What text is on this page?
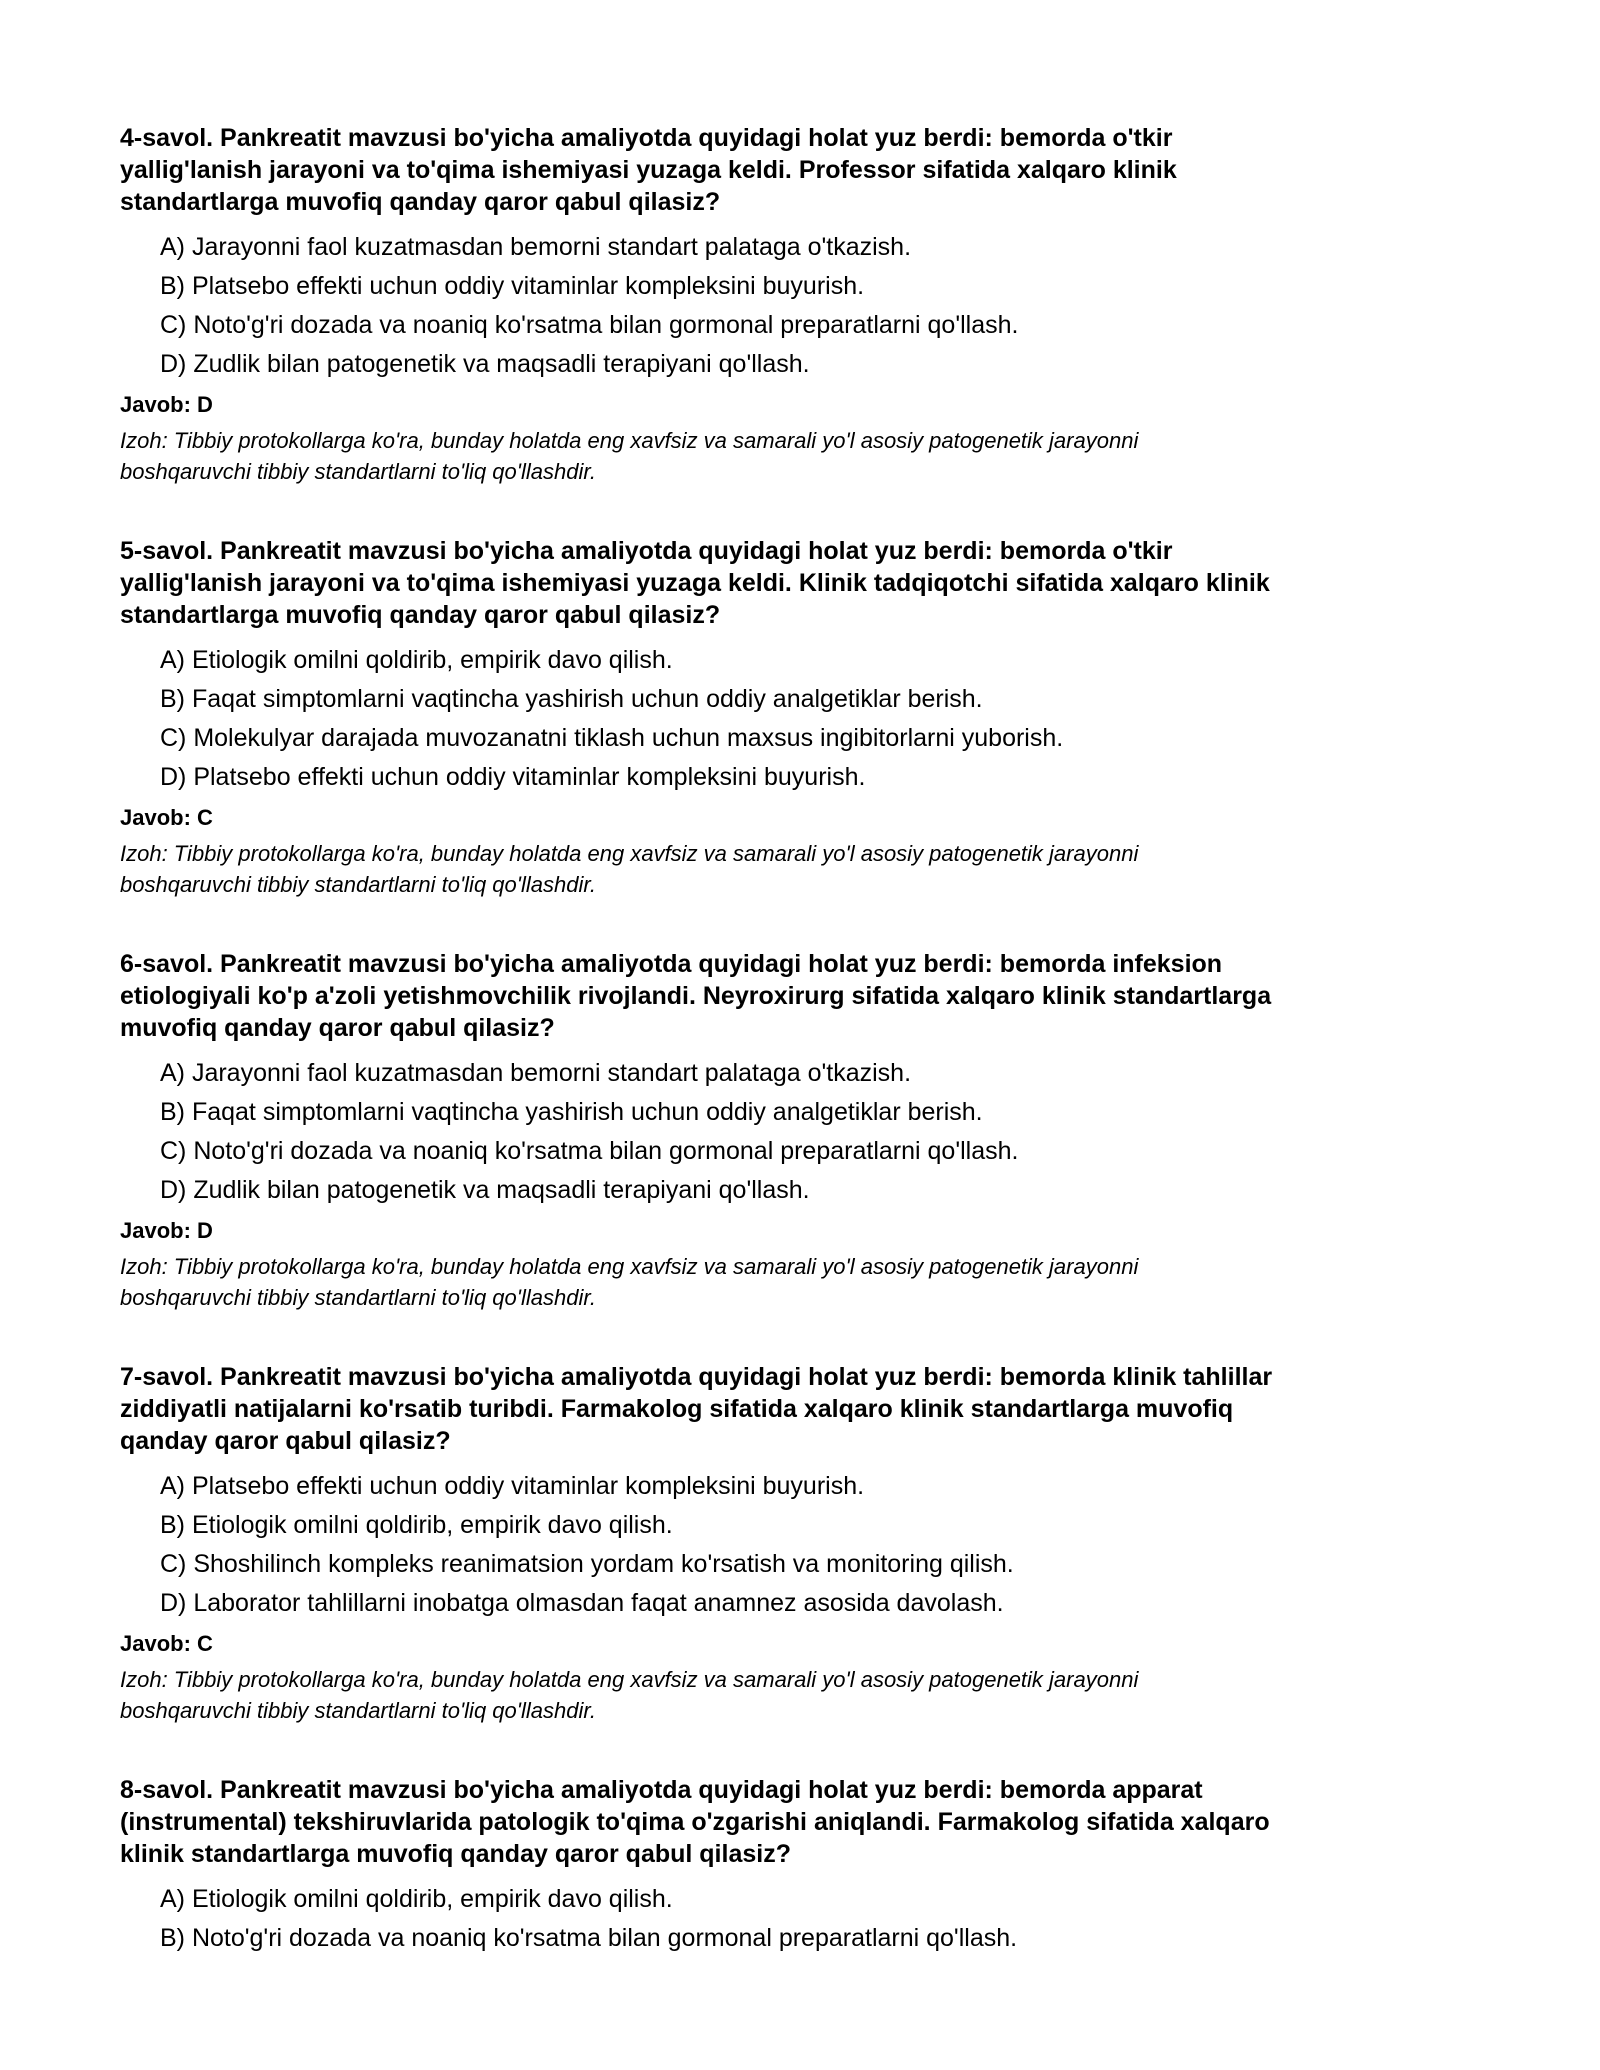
4-savol. Pankreatit mavzusi bo'yicha amaliyotda quyidagi holat yuz berdi: bemorda o'tkir
yallig'lanish jarayoni va to'qima ishemiyasi yuzaga keldi. Professor sifatida xalqaro klinik
standartlarga muvofiq qanday qaror qabul qilasiz?

A) Jarayonni faol kuzatmasdan bemorni standart palataga o'tkazish.
B) Platsebo effekti uchun oddiy vitaminlar kompleksini buyurish.
C) Noto'g'ri dozada va noaniq ko'rsatma bilan gormonal preparatlarni qo'llash.
D) Zudlik bilan patogenetik va maqsadli terapiyani qo'llash.

Javob: D

Izoh: Tibbiy protokollarga ko'ra, bunday holatda eng xavfsiz va samarali yo'l asosiy patogenetik jarayonni
boshqaruvchi tibbiy standartlarni to'liq qo'llashdir.

5-savol. Pankreatit mavzusi bo'yicha amaliyotda quyidagi holat yuz berdi: bemorda o'tkir
yallig'lanish jarayoni va to'qima ishemiyasi yuzaga keldi. Klinik tadqiqotchi sifatida xalqaro klinik
standartlarga muvofiq qanday qaror qabul qilasiz?

A) Etiologik omilni qoldirib, empirik davo qilish.
B) Faqat simptomlarni vaqtincha yashirish uchun oddiy analgetiklar berish.
C) Molekulyar darajada muvozanatni tiklash uchun maxsus ingibitorlarni yuborish.
D) Platsebo effekti uchun oddiy vitaminlar kompleksini buyurish.

Javob: C

Izoh: Tibbiy protokollarga ko'ra, bunday holatda eng xavfsiz va samarali yo'l asosiy patogenetik jarayonni
boshqaruvchi tibbiy standartlarni to'liq qo'llashdir.

6-savol. Pankreatit mavzusi bo'yicha amaliyotda quyidagi holat yuz berdi: bemorda infeksion
etiologiyali ko'p a'zoli yetishmovchilik rivojlandi. Neyroxirurg sifatida xalqaro klinik standartlarga
muvofiq qanday qaror qabul qilasiz?

A) Jarayonni faol kuzatmasdan bemorni standart palataga o'tkazish.
B) Faqat simptomlarni vaqtincha yashirish uchun oddiy analgetiklar berish.
C) Noto'g'ri dozada va noaniq ko'rsatma bilan gormonal preparatlarni qo'llash.
D) Zudlik bilan patogenetik va maqsadli terapiyani qo'llash.

Javob: D

Izoh: Tibbiy protokollarga ko'ra, bunday holatda eng xavfsiz va samarali yo'l asosiy patogenetik jarayonni
boshqaruvchi tibbiy standartlarni to'liq qo'llashdir.

7-savol. Pankreatit mavzusi bo'yicha amaliyotda quyidagi holat yuz berdi: bemorda klinik tahlillar
ziddiyatli natijalarni ko'rsatib turibdi. Farmakolog sifatida xalqaro klinik standartlarga muvofiq
qanday qaror qabul qilasiz?

A) Platsebo effekti uchun oddiy vitaminlar kompleksini buyurish.
B) Etiologik omilni qoldirib, empirik davo qilish.
C) Shoshilinch kompleks reanimatsion yordam ko'rsatish va monitoring qilish.
D) Laborator tahlillarni inobatga olmasdan faqat anamnez asosida davolash.

Javob: C

Izoh: Tibbiy protokollarga ko'ra, bunday holatda eng xavfsiz va samarali yo'l asosiy patogenetik jarayonni
boshqaruvchi tibbiy standartlarni to'liq qo'llashdir.

8-savol. Pankreatit mavzusi bo'yicha amaliyotda quyidagi holat yuz berdi: bemorda apparat
(instrumental) tekshiruvlarida patologik to'qima o'zgarishi aniqlandi. Farmakolog sifatida xalqaro
klinik standartlarga muvofiq qanday qaror qabul qilasiz?

A) Etiologik omilni qoldirib, empirik davo qilish.
B) Noto'g'ri dozada va noaniq ko'rsatma bilan gormonal preparatlarni qo'llash.
